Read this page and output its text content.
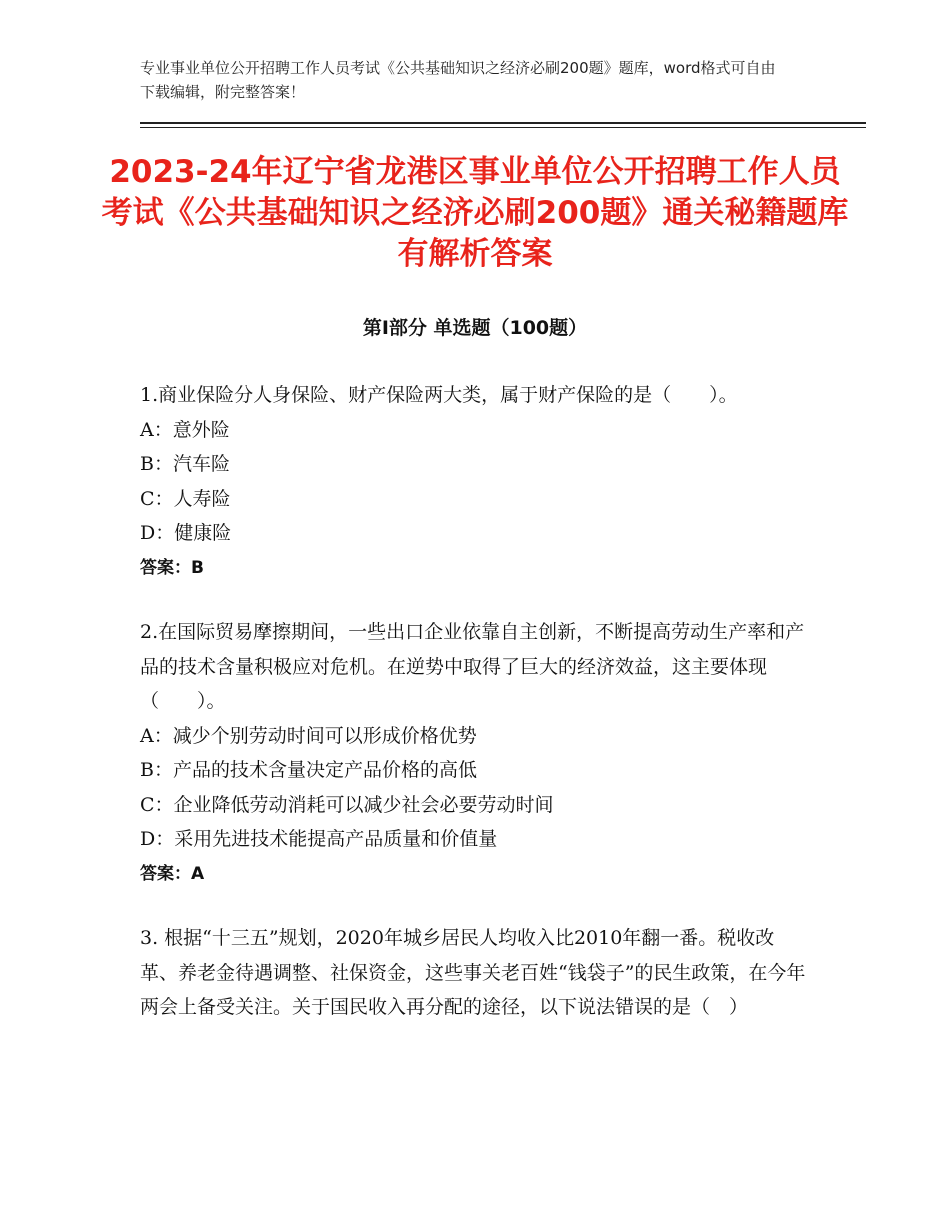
专业事业单位公开招聘工作人员考试《公共基础知识之经济必刷200题》题库，word格式可自由下载编辑，附完整答案！
2023-24年辽宁省龙港区事业单位公开招聘工作人员考试《公共基础知识之经济必刷200题》通关秘籍题库有解析答案
第I部分 单选题（100题）

1.商业保险分人身保险、财产保险两大类，属于财产保险的是（　　）。

A：意外险

B：汽车险

C：人寿险

D：健康险

答案：B

2.在国际贸易摩擦期间，一些出口企业依靠自主创新，不断提高劳动生产率和产品的技术含量积极应对危机。在逆势中取得了巨大的经济效益，这主要体现（　　）。

A：减少个别劳动时间可以形成价格优势

B：产品的技术含量决定产品价格的高低

C：企业降低劳动消耗可以减少社会必要劳动时间

D：采用先进技术能提高产品质量和价值量

答案：A

3. 根据“十三五”规划，2020年城乡居民人均收入比2010年翻一番。税收改革、养老金待遇调整、社保资金，这些事关老百姓“钱袋子”的民生政策，在今年两会上备受关注。关于国民收入再分配的途径，以下说法错误的是（　）
